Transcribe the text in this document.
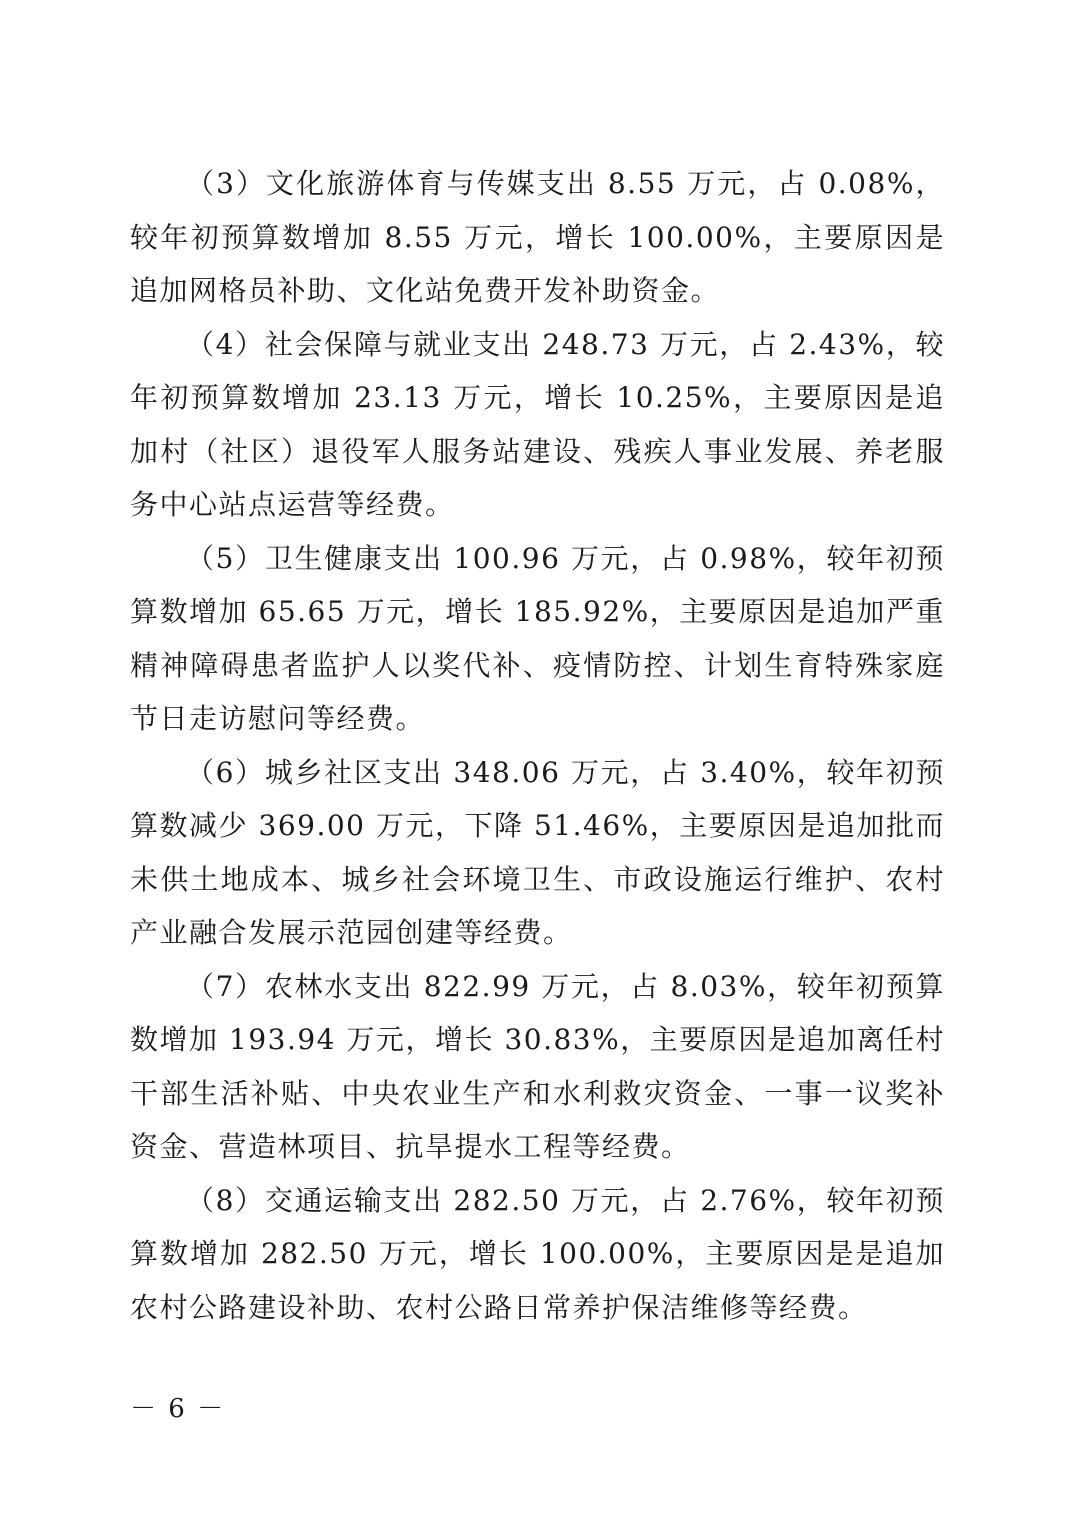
（3）文化旅游体育与传媒支出 8.55 万元，占 0.08%，较年初预算数增加 8.55 万元，增长 100.00%，主要原因是追加网格员补助、文化站免费开发补助资金。

（4）社会保障与就业支出 248.73 万元，占 2.43%，较年初预算数增加 23.13 万元，增长 10.25%，主要原因是追加村（社区）退役军人服务站建设、残疾人事业发展、养老服务中心站点运营等经费。

（5）卫生健康支出 100.96 万元，占 0.98%，较年初预算数增加 65.65 万元，增长 185.92%，主要原因是追加严重精神障碍患者监护人以奖代补、疫情防控、计划生育特殊家庭节日走访慰问等经费。

（6）城乡社区支出 348.06 万元，占 3.40%，较年初预算数减少 369.00 万元，下降 51.46%，主要原因是追加批而未供土地成本、城乡社会环境卫生、市政设施运行维护、农村产业融合发展示范园创建等经费。

（7）农林水支出 822.99 万元，占 8.03%，较年初预算数增加 193.94 万元，增长 30.83%，主要原因是追加离任村干部生活补贴、中央农业生产和水利救灾资金、一事一议奖补资金、营造林项目、抗旱提水工程等经费。

（8）交通运输支出 282.50 万元，占 2.76%，较年初预算数增加 282.50 万元，增长 100.00%，主要原因是是追加农村公路建设补助、农村公路日常养护保洁维修等经费。

－ 6 －
